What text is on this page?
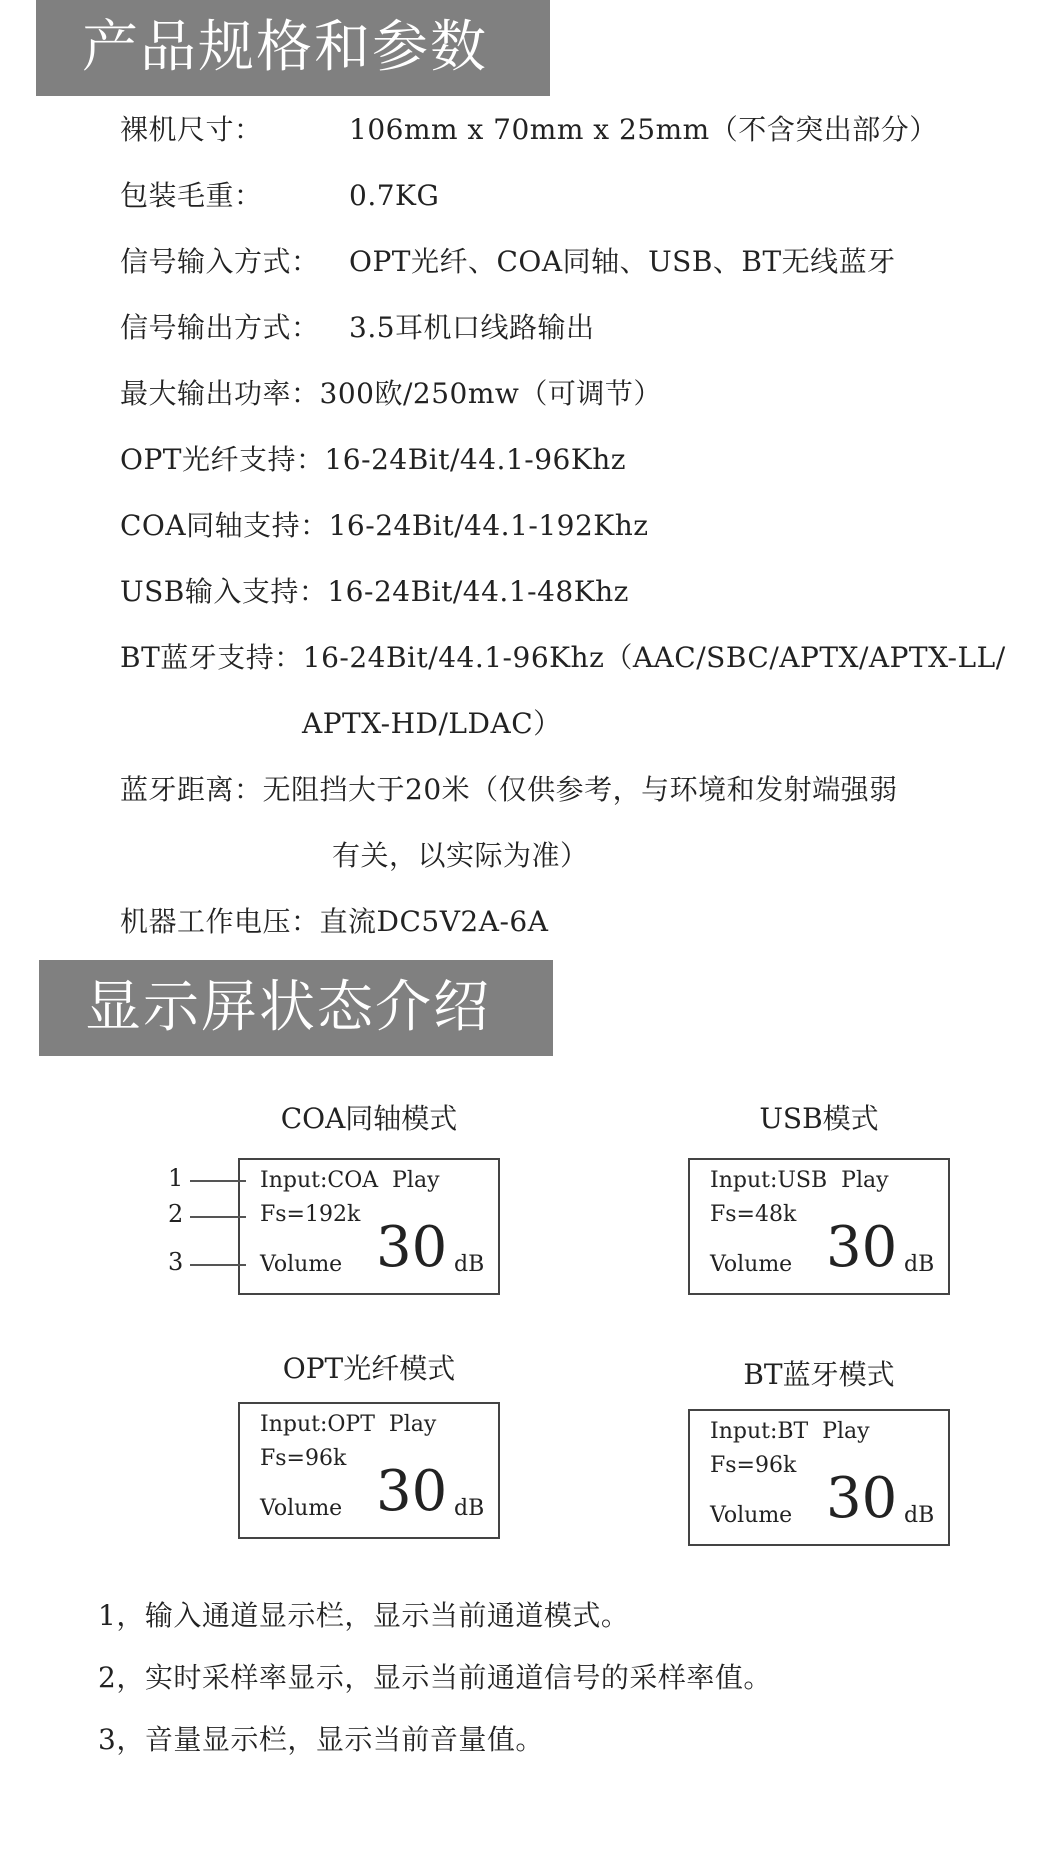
产品规格和参数
裸机尺寸：	106mm x 70mm x 25mm（不含突出部分）
包装毛重：	0.7KG
信号输入方式： OPT光纤、COA同轴、USB、BT无线蓝牙
信号输出方式： 3.5耳机口线路输出
最大输出功率：300欧/250mw（可调节）
OPT光纤支持：16-24Bit/44.1-96Khz
COA同轴支持：16-24Bit/44.1-192Khz
USB输入支持：16-24Bit/44.1-48Khz
BT蓝牙支持：16-24Bit/44.1-96Khz（AAC/SBC/APTX/APTX-LL/
APTX-HD/LDAC）
蓝牙距离：无阻挡大于20米（仅供参考，与环境和发射端强弱
有关，以实际为准）
机器工作电压：直流DC5V2A-6A
显示屏状态介绍
COA同轴模式	USB模式
OPT光纤模式	BT蓝牙模式
Input:COA Play
Fs=192k
Volume 30 dB
1
2
3
Input:USB Play
Fs=48k
Volume 30 dB
Input:OPT Play
Fs=96k
Volume 30 dB
Input:BT Play
Fs=96k
Volume 30 dB
1，输入通道显示栏，显示当前通道模式。
2，实时采样率显示，显示当前通道信号的采样率值。
3，音量显示栏，显示当前音量值。
